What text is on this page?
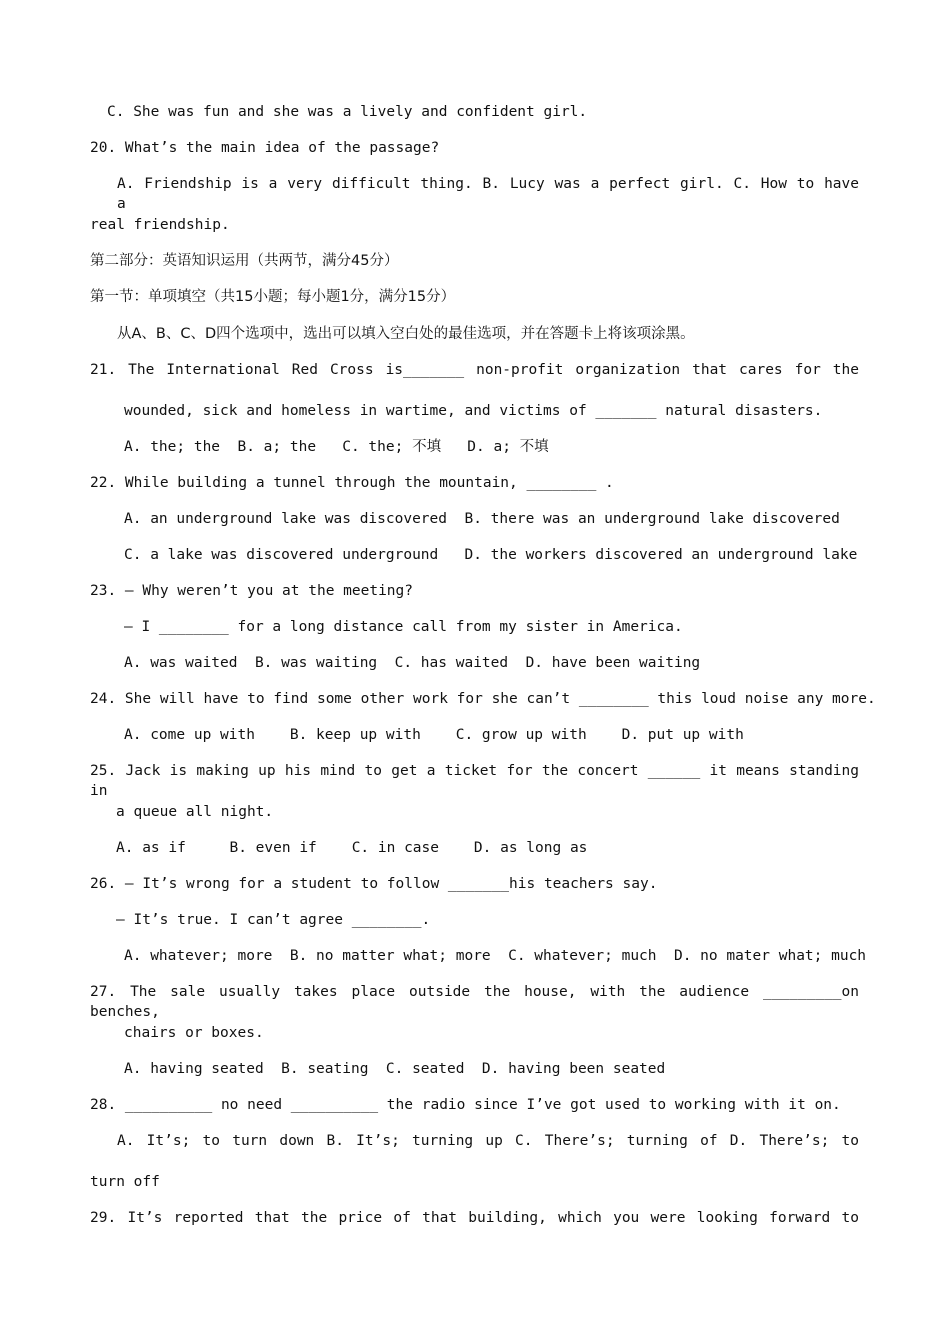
C. She was fun and she was a lively and confident girl.
20. What’s the main idea of the passage?
A. Friendship is a very difficult thing. B. Lucy was a perfect girl. C. How to have a
real friendship.
第二部分：英语知识运用（共两节，满分45分）
第一节：单项填空（共15小题；每小题1分，满分15分）
从A、B、C、D四个选项中，选出可以填入空白处的最佳选项，并在答题卡上将该项涂黑。
21. The International Red Cross is_______ non-profit organization that cares for the
wounded, sick and homeless in wartime, and victims of _______ natural disasters.
A. the; the  B. a; the   C. the; 不填   D. a; 不填
22. While building a tunnel through the mountain, ________ .
A. an underground lake was discovered  B. there was an underground lake discovered
C. a lake was discovered underground   D. the workers discovered an underground lake
23. — Why weren’t you at the meeting?
— I ________ for a long distance call from my sister in America.
A. was waited  B. was waiting  C. has waited  D. have been waiting
24. She will have to find some other work for she can’t ________ this loud noise any more.
A. come up with    B. keep up with    C. grow up with    D. put up with
25. Jack is making up his mind to get a ticket for the concert ______ it means standing in
a queue all night.
A. as if     B. even if    C. in case    D. as long as
26. — It’s wrong for a student to follow _______his teachers say.
— It’s true. I can’t agree ________.
A. whatever; more  B. no matter what; more  C. whatever; much  D. no mater what; much
27. The sale usually takes place outside the house, with the audience _________on benches,
chairs or boxes.
A. having seated  B. seating  C. seated  D. having been seated
28. __________ no need __________ the radio since I’ve got used to working with it on.
A. It’s; to turn down B. It’s; turning up C. There’s; turning of D. There’s; to
turn off
29. It’s reported that the price of that building, which you were looking forward to
